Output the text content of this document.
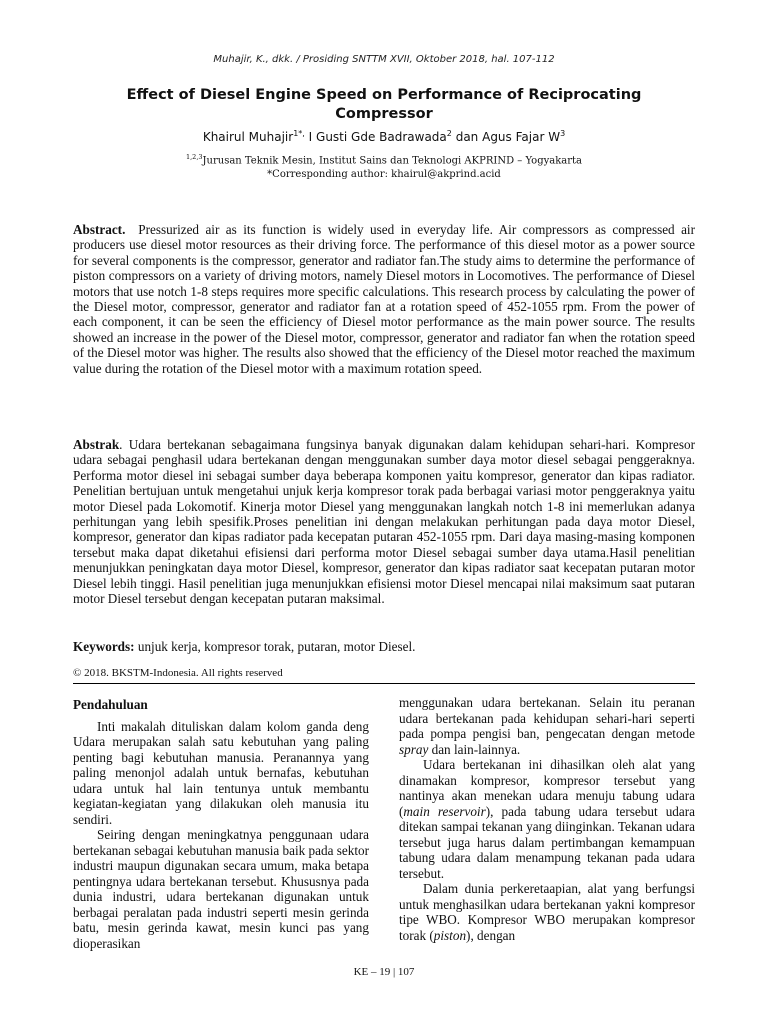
Muhajir, K., dkk. / Prosiding SNTTM XVII, Oktober 2018, hal. 107-112
Effect of Diesel Engine Speed on Performance of Reciprocating Compressor
Khairul Muhajir$^{1*,}$ I Gusti Gde Badrawada$^2$ dan Agus Fajar $W^3$
$^{1,2,3}$Jurusan Teknik Mesin, Institut Sains dan Teknologi AKPRIND – Yogyakarta
*Corresponding author: khairul@akprind.acid

Abstract. Pressurized air as its function is widely used in everyday life. Air compressors as compressed air producers use diesel motor resources as their driving force. The performance of this diesel motor as a power source for several components is the compressor, generator and radiator fan.The study aims to determine the performance of piston compressors on a variety of driving motors, namely Diesel motors in Locomotives. The performance of Diesel motors that use notch 1-8 steps requires more specific calculations. This research process by calculating the power of the Diesel motor, compressor, generator and radiator fan at a rotation speed of 452-1055 rpm. From the power of each component, it can be seen the efficiency of Diesel motor performance as the main power source. The results showed an increase in the power of the Diesel motor, compressor, generator and radiator fan when the rotation speed of the Diesel motor was higher. The results also showed that the efficiency of the Diesel motor reached the maximum value during the rotation of the Diesel motor with a maximum rotation speed.

Abstrak. Udara bertekanan sebagaimana fungsinya banyak digunakan dalam kehidupan sehari-hari. Kompresor udara sebagai penghasil udara bertekanan dengan menggunakan sumber daya motor diesel sebagai penggeraknya. Performa motor diesel ini sebagai sumber daya beberapa komponen yaitu kompresor, generator dan kipas radiator. Penelitian bertujuan untuk mengetahui unjuk kerja kompresor torak pada berbagai variasi motor penggeraknya yaitu motor Diesel pada Lokomotif. Kinerja motor Diesel yang menggunakan langkah notch 1-8 ini memerlukan adanya perhitungan yang lebih spesifik.Proses penelitian ini dengan melakukan perhitungan pada daya motor Diesel, kompresor, generator dan kipas radiator pada kecepatan putaran 452-1055 rpm. Dari daya masing-masing komponen tersebut maka dapat diketahui efisiensi dari performa motor Diesel sebagai sumber daya utama.Hasil penelitian menunjukkan peningkatan daya motor Diesel, kompresor, generator dan kipas radiator saat kecepatan putaran motor Diesel lebih tinggi. Hasil penelitian juga menunjukkan efisiensi motor Diesel mencapai nilai maksimum saat putaran motor Diesel tersebut dengan kecepatan putaran maksimal.

Keywords: unjuk kerja, kompresor torak, putaran, motor Diesel.

© 2018. BKSTM-Indonesia. All rights reserved
Pendahuluan

Inti makalah dituliskan dalam kolom ganda deng Udara merupakan salah satu kebutuhan yang paling penting bagi kebutuhan manusia. Peranannya yang paling menonjol adalah untuk bernafas, kebutuhan udara untuk hal lain tentunya untuk membantu kegiatan-kegiatan yang dilakukan oleh manusia itu sendiri.

Seiring dengan meningkatnya penggunaan udara bertekanan sebagai kebutuhan manusia baik pada sektor industri maupun digunakan secara umum, maka betapa pentingnya udara bertekanan tersebut. Khususnya pada dunia industri, udara bertekanan digunakan untuk berbagai peralatan pada industri seperti mesin gerinda batu, mesin gerinda kawat, mesin kunci pas yang dioperasikan

menggunakan udara bertekanan. Selain itu peranan udara bertekanan pada kehidupan sehari-hari seperti pada pompa pengisi ban, pengecatan dengan metode spray dan lain-lainnya.

Udara bertekanan ini dihasilkan oleh alat yang dinamakan kompresor, kompresor tersebut yang nantinya akan menekan udara menuju tabung udara (main reservoir), pada tabung udara tersebut udara ditekan sampai tekanan yang diinginkan. Tekanan udara tersebut juga harus dalam pertimbangan kemampuan tabung udara dalam menampung tekanan pada udara tersebut.

Dalam dunia perkeretaapian, alat yang berfungsi untuk menghasilkan udara bertekanan yakni kompresor tipe WBO. Kompresor WBO merupakan kompresor torak (piston), dengan

KE – 19 | 107
